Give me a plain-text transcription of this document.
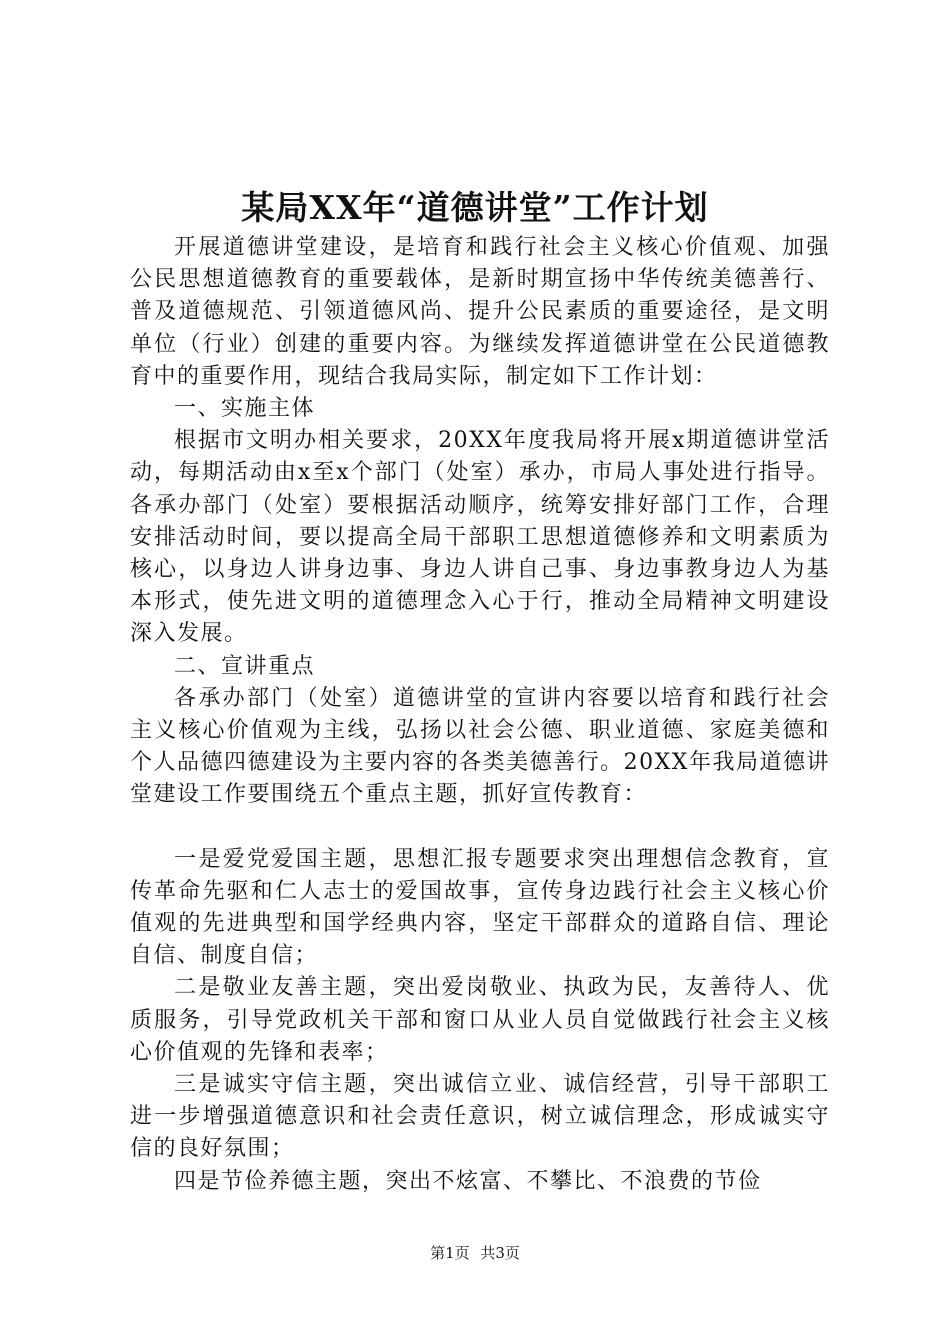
某局XX年“道德讲堂”工作计划

开展道德讲堂建设，是培育和践行社会主义核心价值观、加强公民思想道德教育的重要载体，是新时期宣扬中华传统美德善行、普及道德规范、引领道德风尚、提升公民素质的重要途径，是文明单位（行业）创建的重要内容。为继续发挥道德讲堂在公民道德教育中的重要作用，现结合我局实际，制定如下工作计划：

一、实施主体

根据市文明办相关要求，20XX年度我局将开展x期道德讲堂活动，每期活动由x至x个部门（处室）承办，市局人事处进行指导。各承办部门（处室）要根据活动顺序，统筹安排好部门工作，合理安排活动时间，要以提高全局干部职工思想道德修养和文明素质为核心，以身边人讲身边事、身边人讲自己事、身边事教身边人为基本形式，使先进文明的道德理念入心于行，推动全局精神文明建设深入发展。

二、宣讲重点

各承办部门（处室）道德讲堂的宣讲内容要以培育和践行社会主义核心价值观为主线，弘扬以社会公德、职业道德、家庭美德和个人品德四德建设为主要内容的各类美德善行。20XX年我局道德讲堂建设工作要围绕五个重点主题，抓好宣传教育：

一是爱党爱国主题，思想汇报专题要求突出理想信念教育，宣传革命先驱和仁人志士的爱国故事，宣传身边践行社会主义核心价值观的先进典型和国学经典内容，坚定干部群众的道路自信、理论自信、制度自信；

二是敬业友善主题，突出爱岗敬业、执政为民，友善待人、优质服务，引导党政机关干部和窗口从业人员自觉做践行社会主义核心价值观的先锋和表率；

三是诚实守信主题，突出诚信立业、诚信经营，引导干部职工进一步增强道德意识和社会责任意识，树立诚信理念，形成诚实守信的良好氛围；

四是节俭养德主题，突出不炫富、不攀比、不浪费的节俭

第1页 共3页
